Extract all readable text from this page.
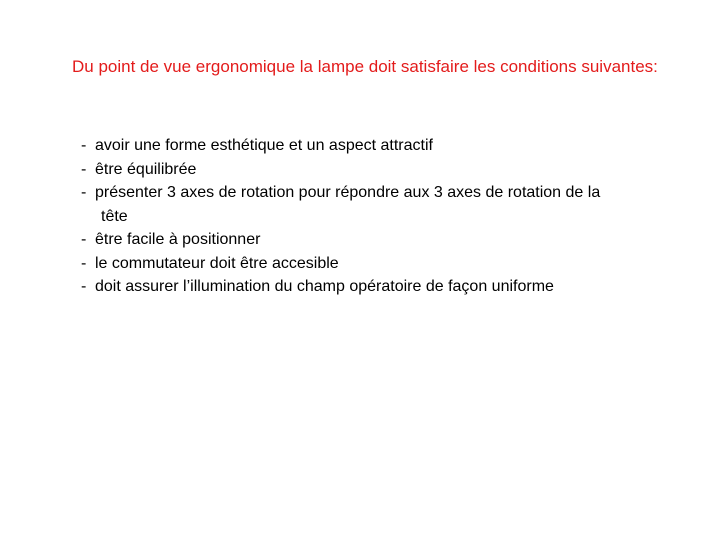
Du point de vue ergonomique la lampe doit satisfaire les conditions suivantes:

- avoir une forme esthétique et un aspect attractif
- être équilibrée
- présenter 3 axes de rotation pour répondre aux 3 axes de rotation de la
tête
- être facile à positionner
- le commutateur doit être accesible
- doit assurer l’illumination du champ opératoire de façon uniforme
